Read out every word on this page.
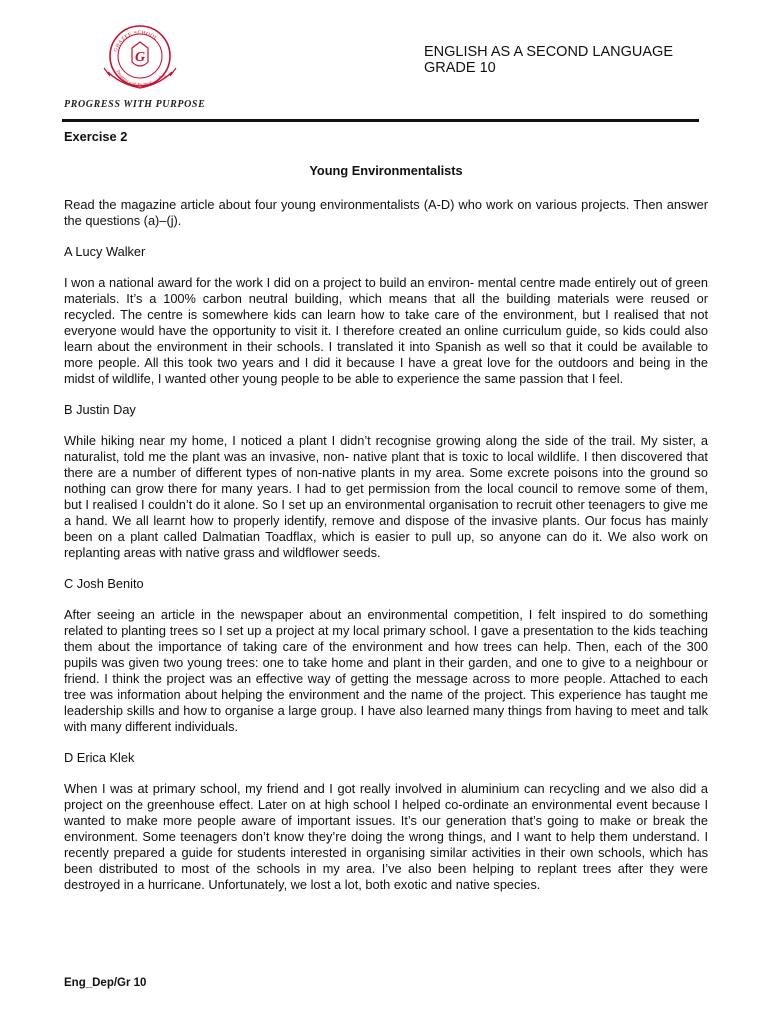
GHAZEE SCHOOL
Progress with Purpose
G
1978
PROGRESS WITH PURPOSE
ENGLISH AS A SECOND LANGUAGE
GRADE 10
Exercise 2
Young Environmentalists

Read the magazine article about four young environmentalists (A-D) who work on various projects. Then answer the questions (a)–(j).

A Lucy Walker

I won a national award for the work I did on a project to build an environ- mental centre made entirely out of green materials. It’s a 100% carbon neutral building, which means that all the building materials were reused or recycled. The centre is somewhere kids can learn how to take care of the environment, but I realised that not everyone would have the opportunity to visit it. I therefore created an online curriculum guide, so kids could also learn about the environment in their schools. I translated it into Spanish as well so that it could be available to more people. All this took two years and I did it because I have a great love for the outdoors and being in the midst of wildlife, I wanted other young people to be able to experience the same passion that I feel.

B Justin Day

While hiking near my home, I noticed a plant I didn’t recognise growing along the side of the trail. My sister, a naturalist, told me the plant was an invasive, non- native plant that is toxic to local wildlife. I then discovered that there are a number of different types of non-native plants in my area. Some excrete poisons into the ground so nothing can grow there for many years. I had to get permission from the local council to remove some of them, but I realised I couldn’t do it alone. So I set up an environmental organisation to recruit other teenagers to give me a hand. We all learnt how to properly identify, remove and dispose of the invasive plants. Our focus has mainly been on a plant called Dalmatian Toadflax, which is easier to pull up, so anyone can do it. We also work on replanting areas with native grass and wildflower seeds.

C Josh Benito

After seeing an article in the newspaper about an environmental competition, I felt inspired to do something related to planting trees so I set up a project at my local primary school. I gave a presentation to the kids teaching them about the importance of taking care of the environment and how trees can help. Then, each of the 300 pupils was given two young trees: one to take home and plant in their garden, and one to give to a neighbour or friend. I think the project was an effective way of getting the message across to more people. Attached to each tree was information about helping the environment and the name of the project. This experience has taught me leadership skills and how to organise a large group. I have also learned many things from having to meet and talk with many different individuals.

D Erica Klek

When I was at primary school, my friend and I got really involved in aluminium can recycling and we also did a project on the greenhouse effect. Later on at high school I helped co-ordinate an environmental event because I wanted to make more people aware of important issues. It’s our generation that’s going to make or break the environment. Some teenagers don’t know they’re doing the wrong things, and I want to help them understand. I recently prepared a guide for students interested in organising similar activities in their own schools, which has been distributed to most of the schools in my area. I’ve also been helping to replant trees after they were destroyed in a hurricane. Unfortunately, we lost a lot, both exotic and native species.

Eng_Dep/Gr 10
